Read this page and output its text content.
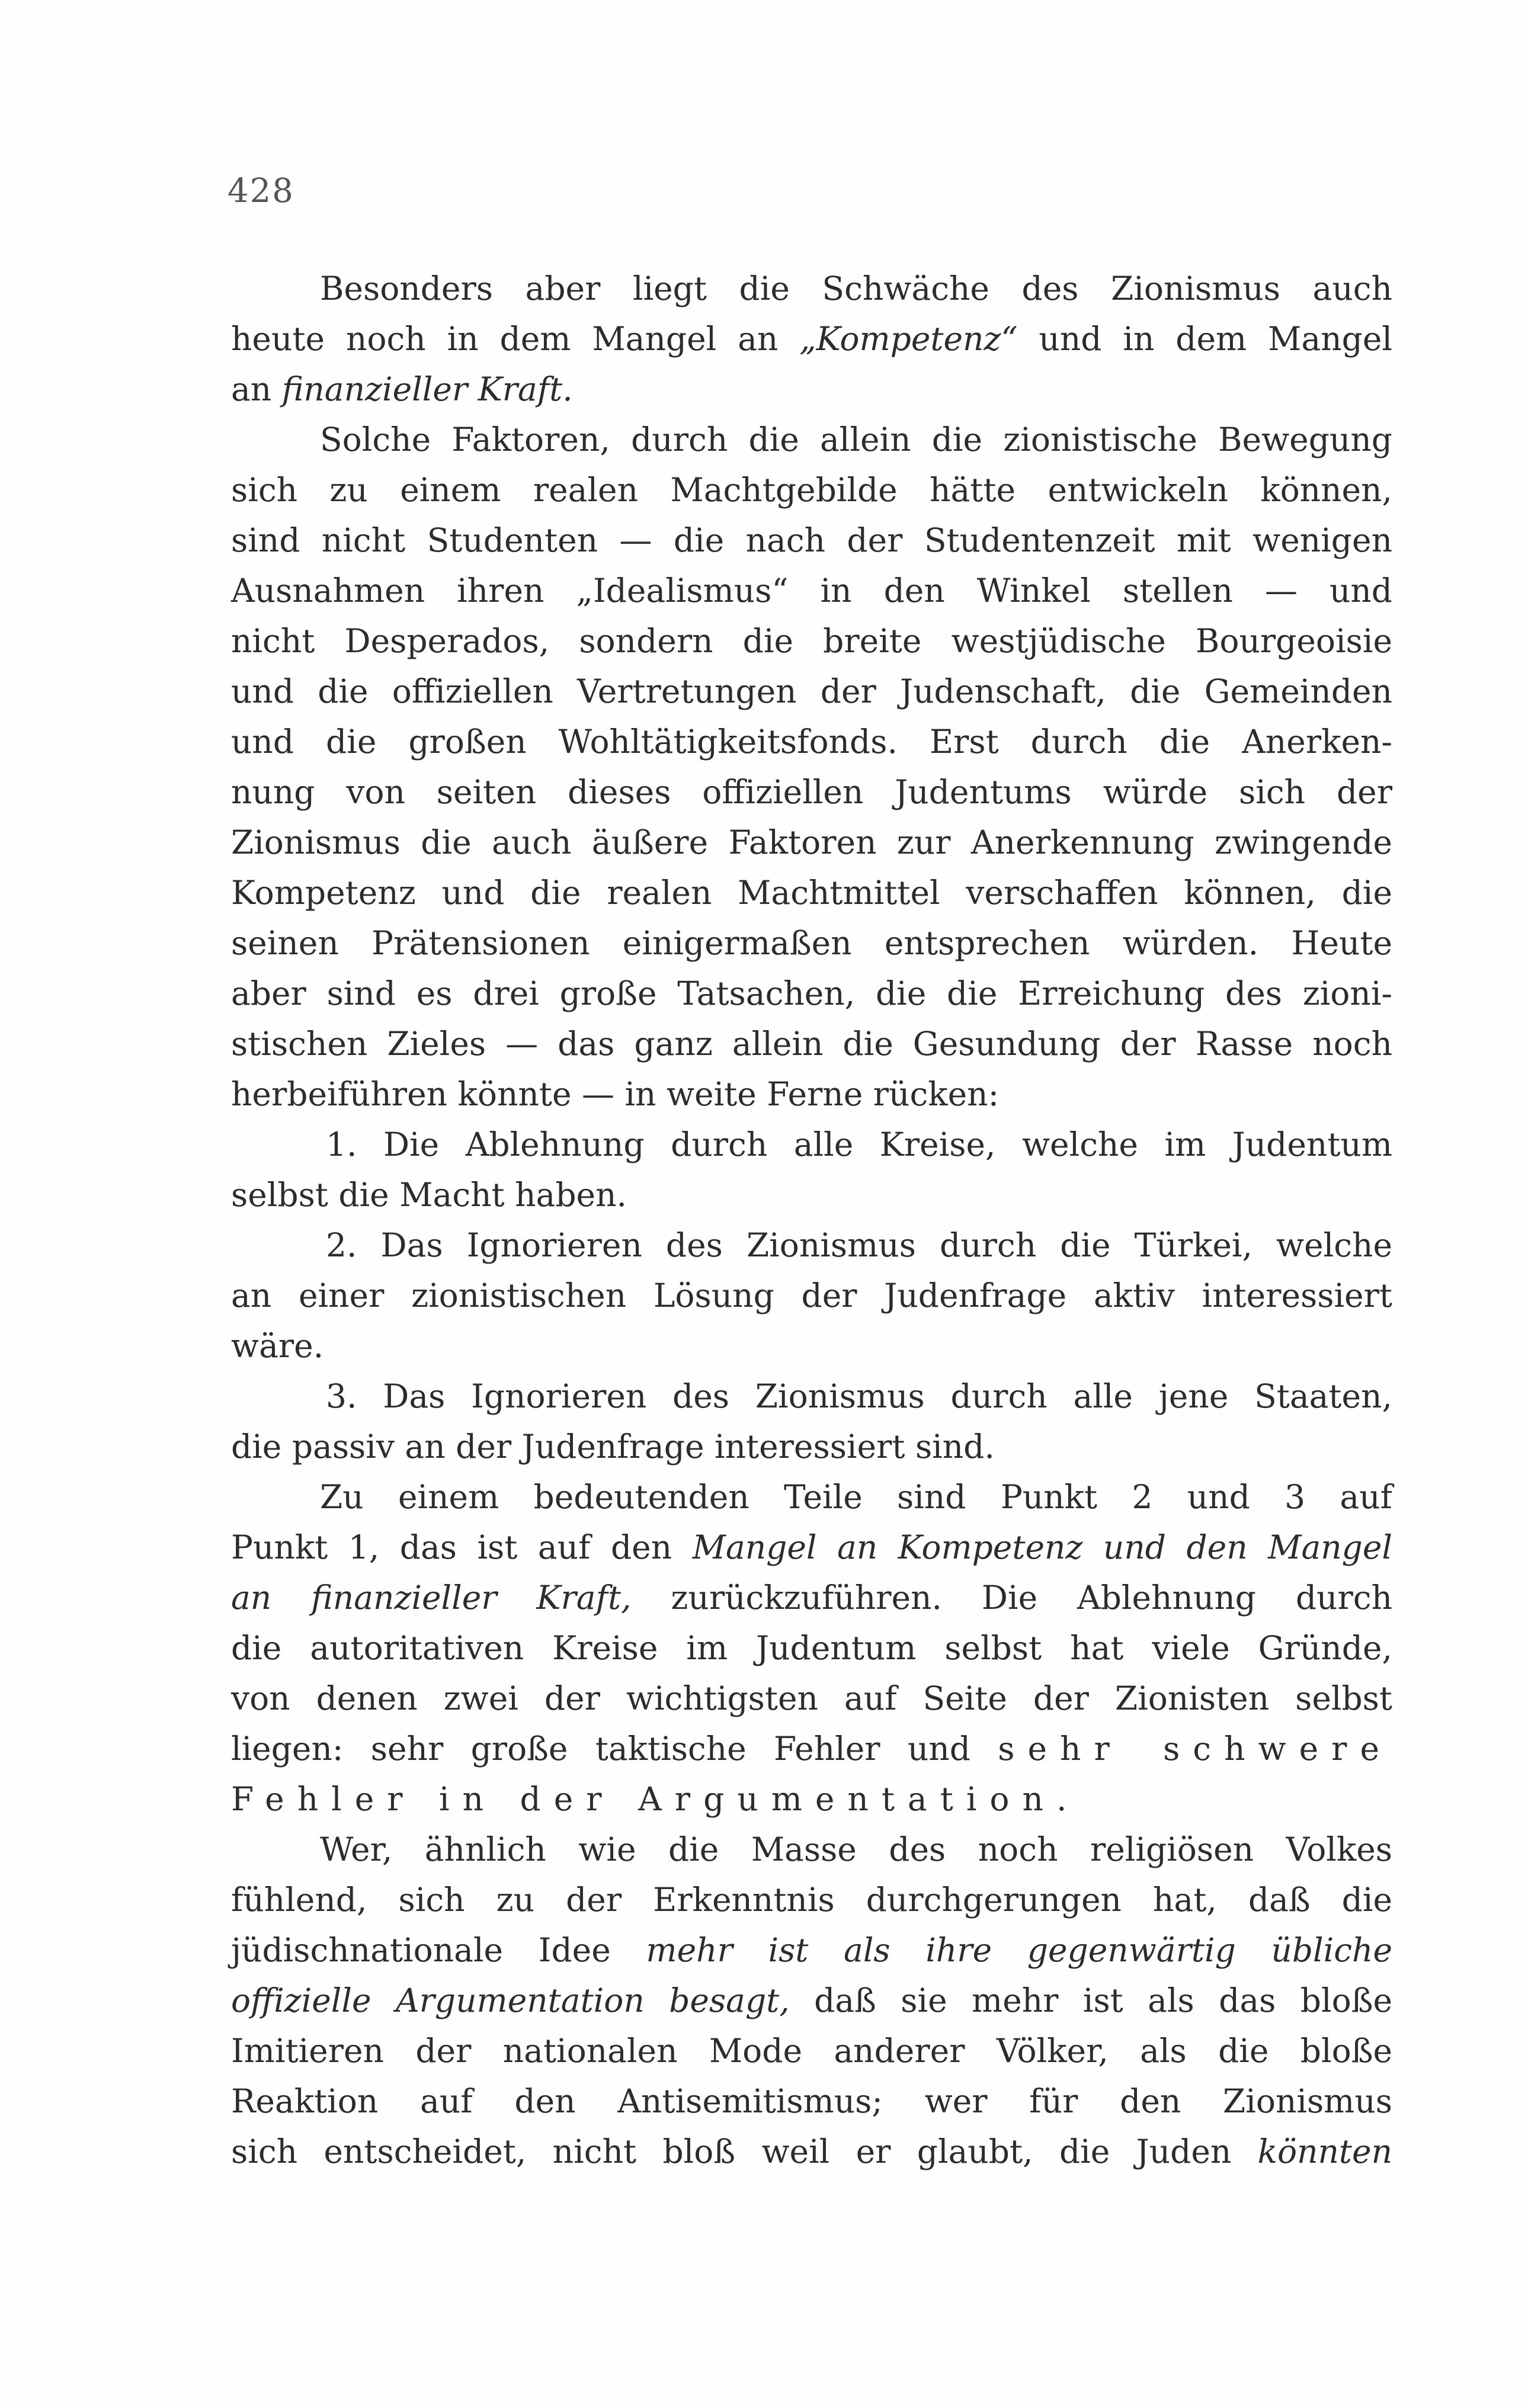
428
Besonders aber liegt die Schwäche des Zionismus auch
heute noch in dem Mangel an „Kompetenz“ und in dem Mangel
an finanzieller Kraft.
Solche Faktoren, durch die allein die zionistische Bewegung
sich zu einem realen Machtgebilde hätte entwickeln können,
sind nicht Studenten — die nach der Studentenzeit mit wenigen
Ausnahmen ihren „Idealismus“ in den Winkel stellen — und
nicht Desperados, sondern die breite westjüdische Bourgeoisie
und die offiziellen Vertretungen der Judenschaft, die Gemeinden
und die großen Wohltätigkeitsfonds. Erst durch die Anerken-
nung von seiten dieses offiziellen Judentums würde sich der
Zionismus die auch äußere Faktoren zur Anerkennung zwingende
Kompetenz und die realen Machtmittel verschaffen können, die
seinen Prätensionen einigermaßen entsprechen würden. Heute
aber sind es drei große Tatsachen, die die Erreichung des zioni-
stischen Zieles — das ganz allein die Gesundung der Rasse noch
herbeiführen könnte — in weite Ferne rücken:
1. Die Ablehnung durch alle Kreise, welche im Judentum
selbst die Macht haben.
2. Das Ignorieren des Zionismus durch die Türkei, welche
an einer zionistischen Lösung der Judenfrage aktiv interessiert
wäre.
3. Das Ignorieren des Zionismus durch alle jene Staaten,
die passiv an der Judenfrage interessiert sind.
Zu einem bedeutenden Teile sind Punkt 2 und 3 auf
Punkt 1, das ist auf den Mangel an Kompetenz und den Mangel
an finanzieller Kraft, zurückzuführen. Die Ablehnung durch
die autoritativen Kreise im Judentum selbst hat viele Gründe,
von denen zwei der wichtigsten auf Seite der Zionisten selbst
liegen: sehr große taktische Fehler und sehr schwere
Fehler in der Argumentation.
Wer, ähnlich wie die Masse des noch religiösen Volkes
fühlend, sich zu der Erkenntnis durchgerungen hat, daß die
jüdischnationale Idee mehr ist als ihre gegenwärtig übliche
offizielle Argumentation besagt, daß sie mehr ist als das bloße
Imitieren der nationalen Mode anderer Völker, als die bloße
Reaktion auf den Antisemitismus; wer für den Zionismus
sich entscheidet, nicht bloß weil er glaubt, die Juden könnten
